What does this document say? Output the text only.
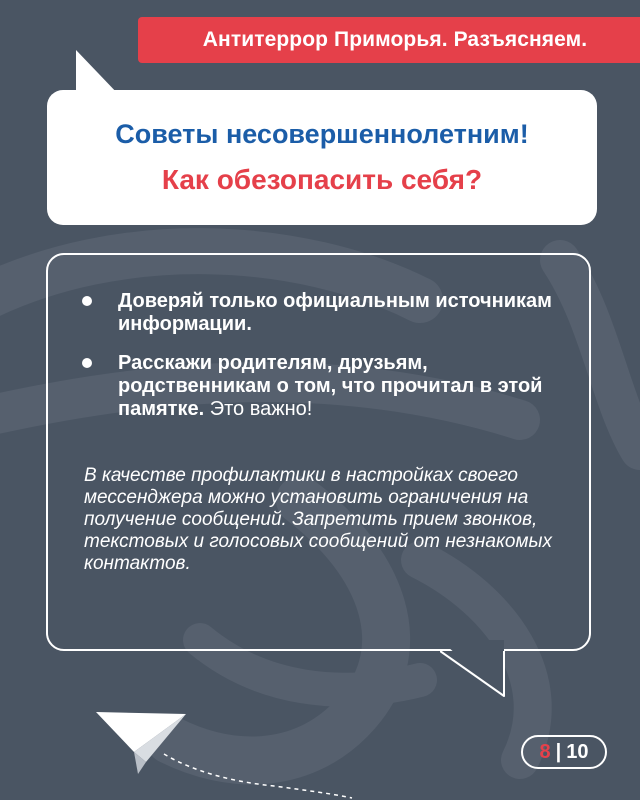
Антитеррор Приморья. Разъясняем.
Советы несовершеннолетним!
Как обезопасить себя?
Доверяй только официальным источникам информации.
Расскажи родителям, друзьям, родственникам о том, что прочитал в этой памятке. Это важно!
В качестве профилактики в настройках своего мессенджера можно установить ограничения на получение сообщений. Запретить прием звонков, текстовых и голосовых сообщений от незнакомых контактов.
8 | 10
